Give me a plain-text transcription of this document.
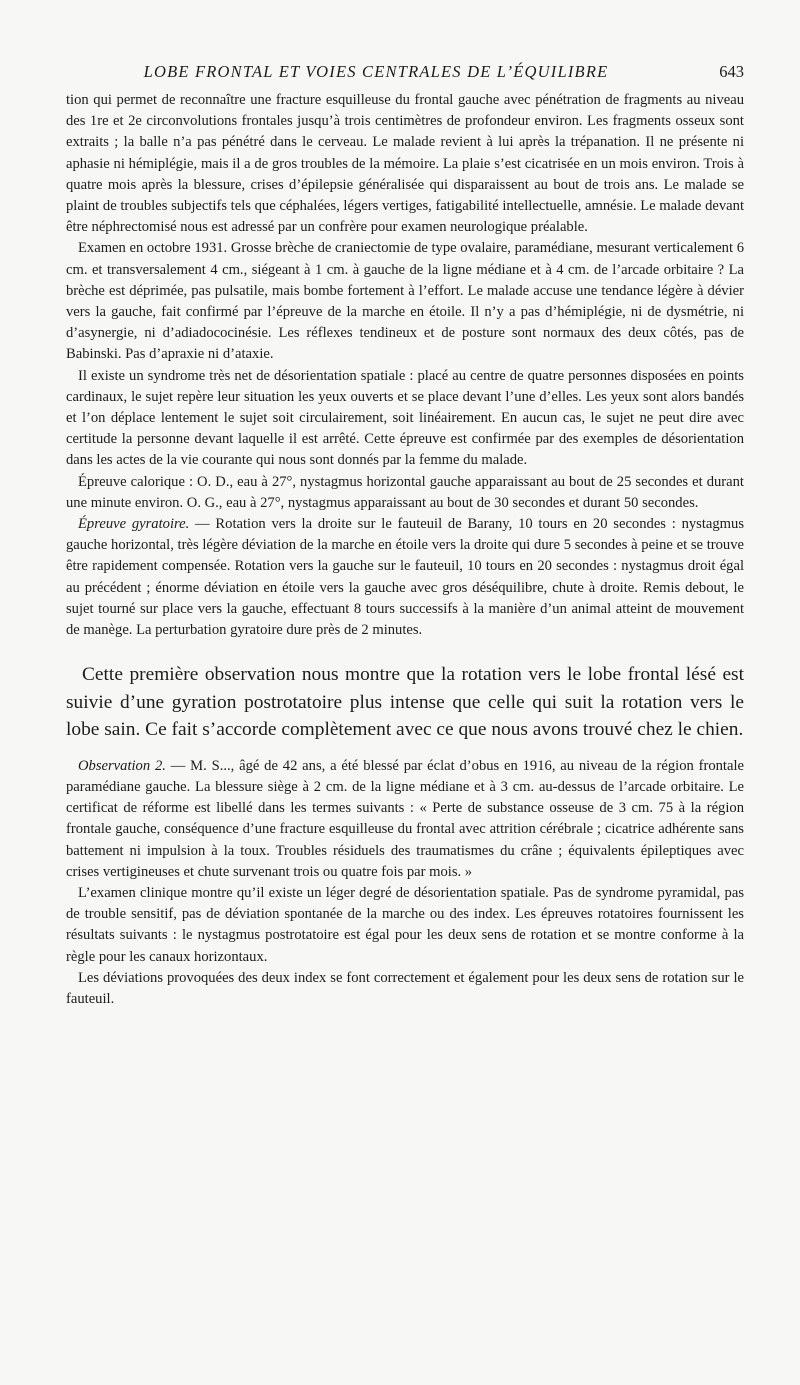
LOBE FRONTAL ET VOIES CENTRALES DE L’ÉQUILIBRE	643

tion qui permet de reconnaître une fracture esquilleuse du frontal gauche avec pénétration de fragments au niveau des 1re et 2e circonvolutions frontales jusqu’à trois centimètres de profondeur environ. Les fragments osseux sont extraits ; la balle n’a pas pénétré dans le cerveau. Le malade revient à lui après la trépanation. Il ne présente ni aphasie ni hémiplégie, mais il a de gros troubles de la mémoire. La plaie s’est cicatrisée en un mois environ. Trois à quatre mois après la blessure, crises d’épilepsie généralisée qui disparaissent au bout de trois ans. Le malade se plaint de troubles subjectifs tels que céphalées, légers vertiges, fatigabilité intellectuelle, amnésie. Le malade devant être néphrectomisé nous est adressé par un confrère pour examen neurologique préalable.

Examen en octobre 1931. Grosse brèche de craniectomie de type ovalaire, paramédiane, mesurant verticalement 6 cm. et transversalement 4 cm., siégeant à 1 cm. à gauche de la ligne médiane et à 4 cm. de l’arcade orbitaire ? La brèche est déprimée, pas pulsatile, mais bombe fortement à l’effort. Le malade accuse une tendance légère à dévier vers la gauche, fait confirmé par l’épreuve de la marche en étoile. Il n’y a pas d’hémiplégie, ni de dysmétrie, ni d’asynergie, ni d’adiadococinésie. Les réflexes tendineux et de posture sont normaux des deux côtés, pas de Babinski. Pas d’apraxie ni d’ataxie.

Il existe un syndrome très net de désorientation spatiale : placé au centre de quatre personnes disposées en points cardinaux, le sujet repère leur situation les yeux ouverts et se place devant l’une d’elles. Les yeux sont alors bandés et l’on déplace lentement le sujet soit circulairement, soit linéairement. En aucun cas, le sujet ne peut dire avec certitude la personne devant laquelle il est arrêté. Cette épreuve est confirmée par des exemples de désorientation dans les actes de la vie courante qui nous sont donnés par la femme du malade.

Épreuve calorique : O. D., eau à 27°, nystagmus horizontal gauche apparaissant au bout de 25 secondes et durant une minute environ. O. G., eau à 27°, nystagmus apparaissant au bout de 30 secondes et durant 50 secondes.

Épreuve gyratoire. — Rotation vers la droite sur le fauteuil de Barany, 10 tours en 20 secondes : nystagmus gauche horizontal, très légère déviation de la marche en étoile vers la droite qui dure 5 secondes à peine et se trouve être rapidement compensée. Rotation vers la gauche sur le fauteuil, 10 tours en 20 secondes : nystagmus droit égal au précédent ; énorme déviation en étoile vers la gauche avec gros déséquilibre, chute à droite. Remis debout, le sujet tourné sur place vers la gauche, effectuant 8 tours successifs à la manière d’un animal atteint de mouvement de manège. La perturbation gyratoire dure près de 2 minutes.

Cette première observation nous montre que la rotation vers le lobe frontal lésé est suivie d’une gyration postrotatoire plus intense que celle qui suit la rotation vers le lobe sain. Ce fait s’accorde complètement avec ce que nous avons trouvé chez le chien.

Observation 2. — M. S..., âgé de 42 ans, a été blessé par éclat d’obus en 1916, au niveau de la région frontale paramédiane gauche. La blessure siège à 2 cm. de la ligne médiane et à 3 cm. au-dessus de l’arcade orbitaire. Le certificat de réforme est libellé dans les termes suivants : « Perte de substance osseuse de 3 cm. 75 à la région frontale gauche, conséquence d’une fracture esquilleuse du frontal avec attrition cérébrale ; cicatrice adhérente sans battement ni impulsion à la toux. Troubles résiduels des traumatismes du crâne ; équivalents épileptiques avec crises vertigineuses et chute survenant trois ou quatre fois par mois. »

L’examen clinique montre qu’il existe un léger degré de désorientation spatiale. Pas de syndrome pyramidal, pas de trouble sensitif, pas de déviation spontanée de la marche ou des index. Les épreuves rotatoires fournissent les résultats suivants : le nystagmus postrotatoire est égal pour les deux sens de rotation et se montre conforme à la règle pour les canaux horizontaux.

Les déviations provoquées des deux index se font correctement et également pour les deux sens de rotation sur le fauteuil.
